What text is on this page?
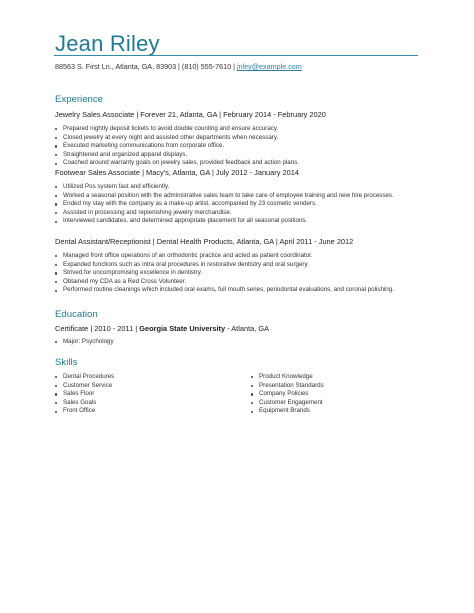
Jean Riley
88563 S. First Ln., Atlanta, GA, 83903 | (810) 555-7610 | jnley@example.com
Experience
Jewelry Sales Associate | Forever 21, Atlanta, GA | February 2014 - February 2020
Prepared nightly deposit tickets to avoid double counting and ensure accuracy.
Closed jewelry at every night and assisted other departments when necessary.
Executed marketing communications from corporate office.
Straightened and organized apparel displays.
Coached around warranty goals on jewelry sales, provided feedback and action plans.
Footwear Sales Associate | Macy's, Atlanta, GA | July 2012 - January 2014
Utilized Pos system fast and efficiently.
Worked a seasonal position with the administrative sales team to take care of employee training and new hire processes.
Ended my stay with the company as a make-up artist, accompanied by 23 cosmetic venders.
Assisted in processing and replenishing jewelry merchandise.
Interviewed candidates, and determined appropriate placement for all seasonal positions.
Dental Assistant/Receptionist | Dental Health Products, Atlanta, GA | April 2011 - June 2012
Managed front office operations of an orthodontic practice and acted as patient coordinator.
Expanded functions such as intra oral procedures in restorative dentistry and oral surgery.
Strived for uncompromising excellence in dentistry.
Obtained my CDA as a Red Cross Volunteer.
Performed routine cleanings which included oral exams, full mouth series, periodontal evaluations, and coronal polishing.
Education
Certificate | 2010 - 2011 | Georgia State University - Atlanta, GA
Major: Psychology
Skills
Dental Procedures
Customer Service
Sales Floor
Sales Goals
Front Office
Product Knowledge
Presentation Standards
Company Policies
Customer Engagement
Equipment Brands
